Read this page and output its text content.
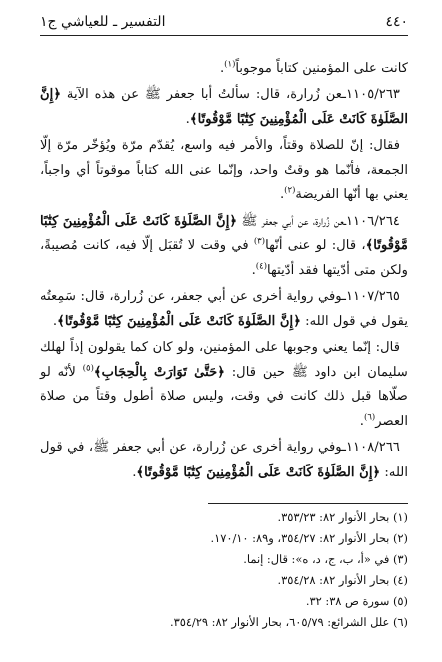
٤٤٠
التفسير ـ للعياشي ج١

كانت على المؤمنين كتاباً موجوباً$^{(١)}$.

١١٠٥/٢٦٣ـعن زُرارة، قال: سألتُ أبا جعفر ﷺ عن هذه الآية ﴿إِنَّ الصَّلَوٰةَ كَانَتْ عَلَى الْمُؤْمِنِينَ كِتَٰبًا مَّوْقُوتًا﴾.

فقال: إنّ للصلاة وقتاً، والأمر فيه واسع، يُقدّم مرّة ويُؤخّر مرّة إلّا الجمعة، فأنّما هو وقتٌ واحد، وإنّما عنى الله كتاباً موقوتاً أي واجباً، يعني بها أنّها الفريضة$^{(٢)}$.

١١٠٦/٢٦٤ـعن زُرارة، عن أبي جعفر ﷺ ﴿إِنَّ الصَّلَوٰةَ كَانَتْ عَلَى الْمُؤْمِنِينَ كِتَٰبًا مَّوْقُوتًا﴾، قال: لو عنى أنّها$^{(٣)}$ في وقت لا تُقبَل إلّا فيه، كانت مُصيبةً، ولكن متى أدّيتها فقد أدّيتها$^{(٤)}$.

١١٠٧/٢٦٥ـوفي رواية أخرى عن أبي جعفر، عن زُرارة، قال: سَمِعتُه يقول في قول الله: ﴿إِنَّ الصَّلَوٰةَ كَانَتْ عَلَى الْمُؤْمِنِينَ كِتَٰبًا مَّوْقُوتًا﴾.

قال: إنّما يعني وجوبها على المؤمنين، ولو كان كما يقولون إذاً لهلك سليمان ابن داود ﷺ حين قال: ﴿حَتَّىٰ تَوَارَتْ بِالْحِجَابِ﴾$^{(٥)}$ لأنّه لو صلّاها قبل ذلك كانت في وقت، وليس صلاة أطول وقتاً من صلاة العصر$^{(٦)}$.

١١٠٨/٢٦٦ـوفي رواية أخرى عن زُرارة، عن أبي جعفر ﷺ، في قول الله: ﴿إِنَّ الصَّلَوٰةَ كَانَتْ عَلَى الْمُؤْمِنِينَ كِتَٰبًا مَّوْقُوتًا﴾.

(١) بحار الأنوار ٨٢: ٣٥٣/٢٣.
(٢) بحار الأنوار ٨٢: ٣٥٤/٢٧، و٨٩: ١٧٠/١٠.
(٣) في «أ، ب، ج، د، ه»: قال: إنما.
(٤) بحار الأنوار ٨٢: ٣٥٤/٢٨.
(٥) سورة ص ٣٨: ٣٢.
(٦) علل الشرائع: ٦٠٥/٧٩، بحار الأنوار ٨٢: ٣٥٤/٢٩.
